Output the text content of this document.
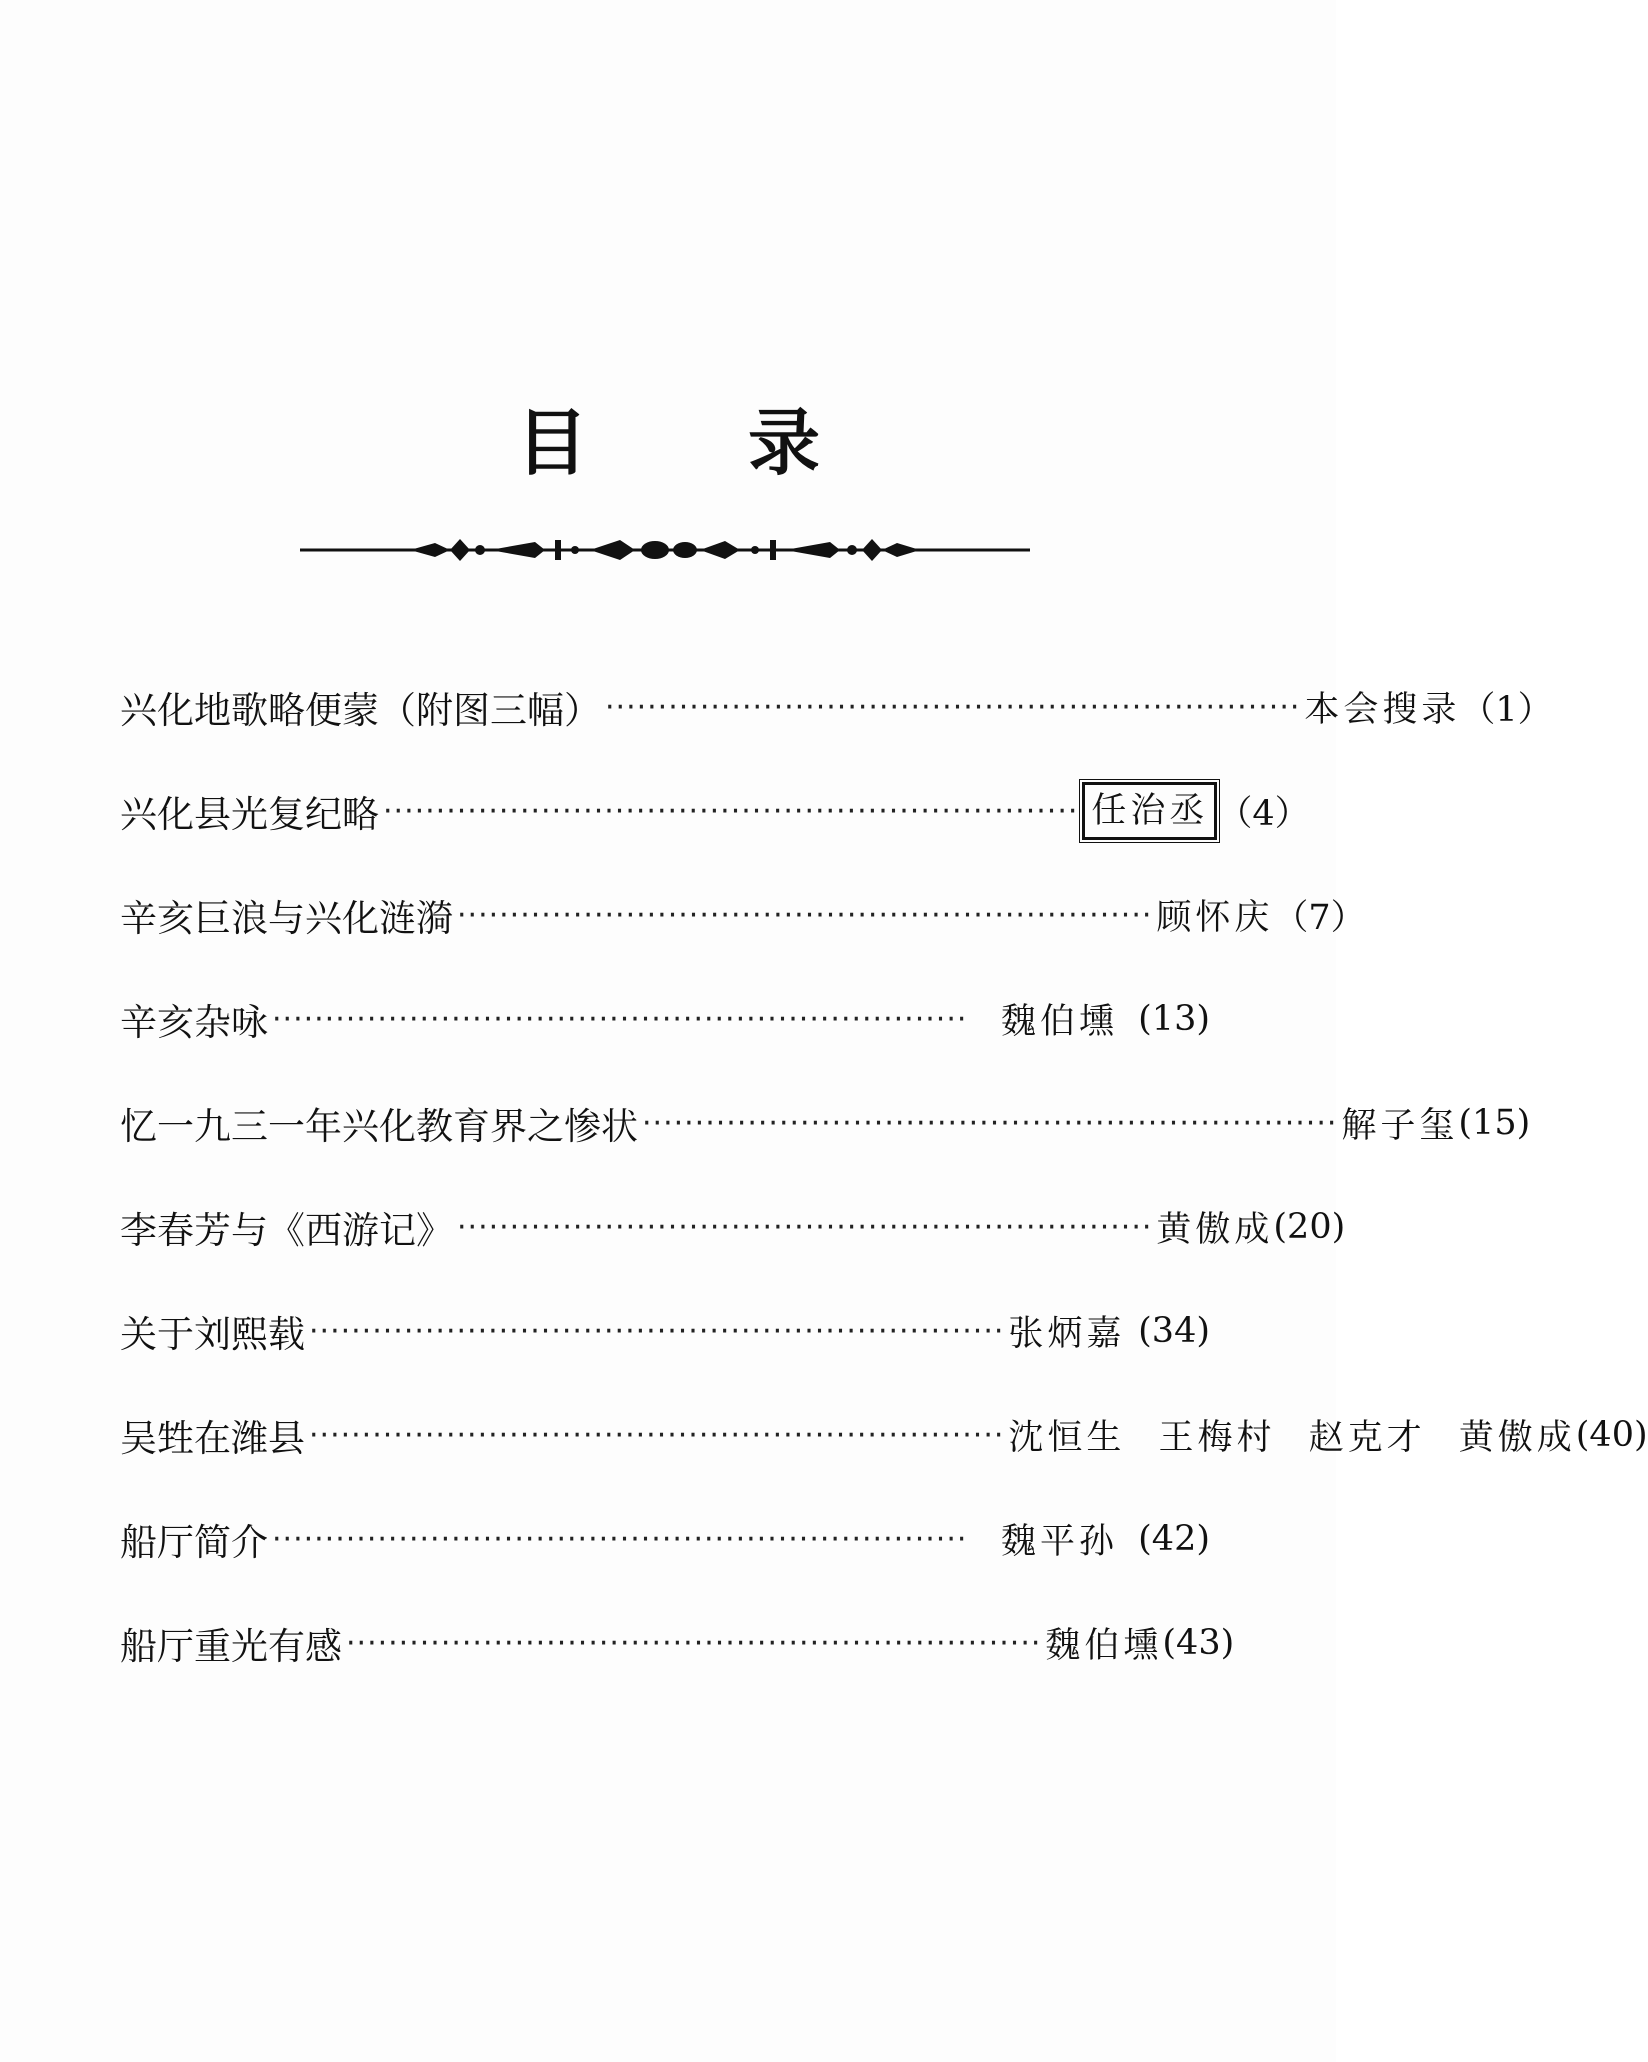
目录
兴化地歌略便蒙（附图三幅） ·································································· 本会搜录 （1）
兴化县光复纪略 ·································································· 任治丞 （4）
辛亥巨浪与兴化涟漪 ·································································· 顾怀庆 （7）
辛亥杂咏 ·································································· 魏伯壎 (13)
忆一九三一年兴化教育界之惨状 ·································································· 解子玺 (15)
李春芳与《西游记》 ·································································· 黄傲成 (20)
关于刘熙载 ·································································· 张炳嘉 (34)
吴甡在潍县 ·································································· 沈恒生 王梅村 赵克才 黄傲成 (40)
船厅简介 ·································································· 魏平孙 (42)
船厅重光有感 ·································································· 魏伯壎 (43)
